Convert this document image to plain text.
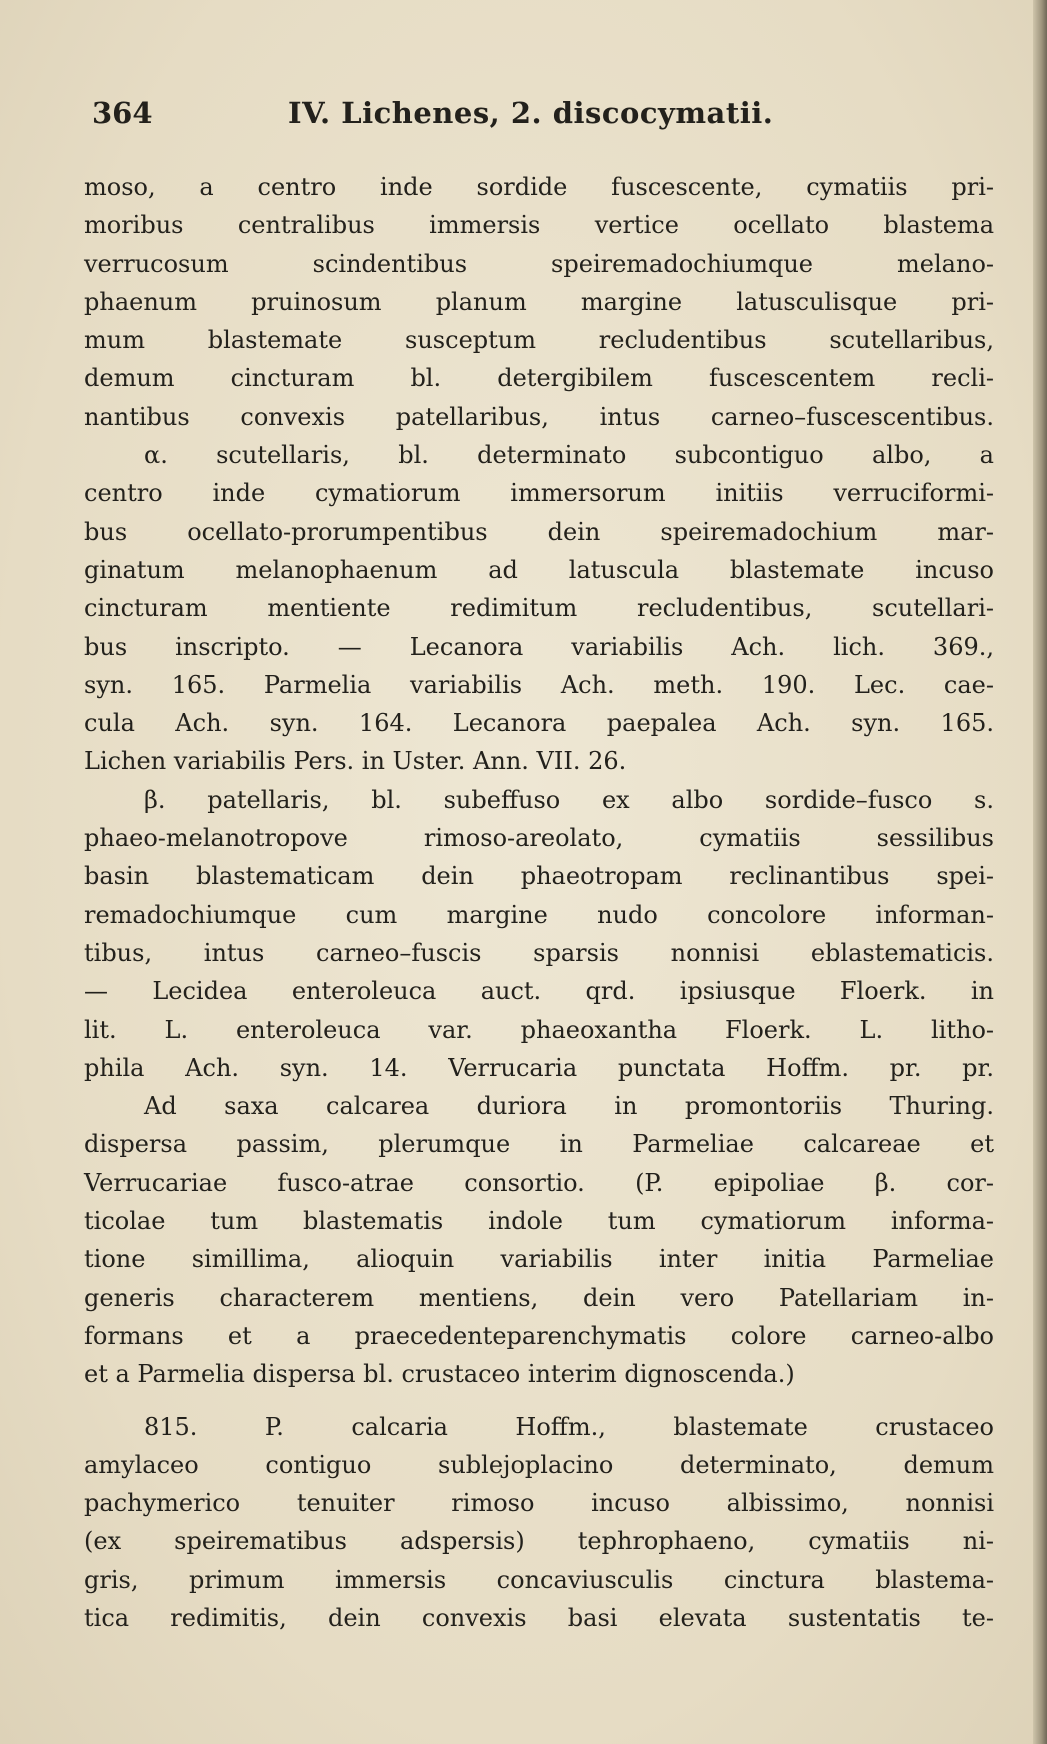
364	IV. Lichenes, 2. discocymatii.
moso, a centro inde sordide fuscescente, cymatiis pri-
moribus centralibus immersis vertice ocellato blastema
verrucosum scindentibus speiremadochiumque melano-
phaenum pruinosum planum margine latusculisque pri-
mum blastemate susceptum recludentibus scutellaribus,
demum cincturam bl. detergibilem fuscescentem recli-
nantibus convexis patellaribus, intus carneo–fuscescentibus.
α. scutellaris, bl. determinato subcontiguo albo, a
centro inde cymatiorum immersorum initiis verruciformi-
bus ocellato-prorumpentibus dein speiremadochium mar-
ginatum melanophaenum ad latuscula blastemate incuso
cincturam mentiente redimitum recludentibus, scutellari-
bus inscripto. — Lecanora variabilis Ach. lich. 369.,
syn. 165. Parmelia variabilis Ach. meth. 190. Lec. cae-
cula Ach. syn. 164. Lecanora paepalea Ach. syn. 165.
Lichen variabilis Pers. in Uster. Ann. VII. 26.
β. patellaris, bl. subeffuso ex albo sordide–fusco s.
phaeo-melanotropove rimoso-areolato, cymatiis sessilibus
basin blastematicam dein phaeotropam reclinantibus spei-
remadochiumque cum margine nudo concolore informan-
tibus, intus carneo–fuscis sparsis nonnisi eblastematicis.
— Lecidea enteroleuca auct. qrd. ipsiusque Floerk. in
lit. L. enteroleuca var. phaeoxantha Floerk. L. litho-
phila Ach. syn. 14. Verrucaria punctata Hoffm. pr. pr.
Ad saxa calcarea duriora in promontoriis Thuring.
dispersa passim, plerumque in Parmeliae calcareae et
Verrucariae fusco-atrae consortio. (P. epipoliae β. cor-
ticolae tum blastematis indole tum cymatiorum informa-
tione simillima, alioquin variabilis inter initia Parmeliae
generis characterem mentiens, dein vero Patellariam in-
formans et a praecedenteparenchymatis colore carneo-albo
et a Parmelia dispersa bl. crustaceo interim dignoscenda.)
815. P. calcaria Hoffm., blastemate crustaceo
amylaceo contiguo sublejoplacino determinato, demum
pachymerico tenuiter rimoso incuso albissimo, nonnisi
(ex speirematibus adspersis) tephrophaeno, cymatiis ni-
gris, primum immersis concaviusculis cinctura blastema-
tica redimitis, dein convexis basi elevata sustentatis te-
